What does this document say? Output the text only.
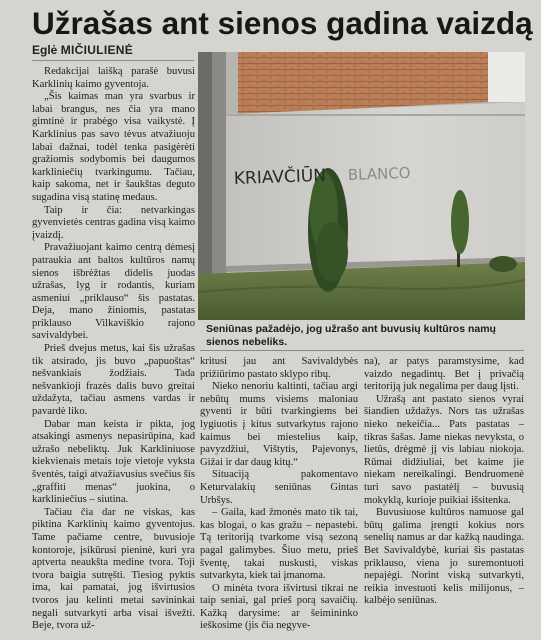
Užrašas ant sienos gadina vaizdą
Eglė MIČIULIENĖ

Redakcijai laišką parašė buvusi Karklinių kaimo gyventoja.

„Šis kaimas man yra svarbus ir labai brangus, nes čia yra mano gimtinė ir prabėgo visa vaikystė. Į Karklinius pas savo tėvus atvažiuoju labai dažnai, todėl tenka pasigėrėti gražiomis sodybomis bei daugumos karkliniečių tvarkingumu. Tačiau, kaip sakoma, net ir šaukštas deguto sugadina visą statinę medaus.

Taip ir čia: netvarkingas gyvenvietės centras gadina visą kaimo įvaizdį.

Pravažiuojant kaimo centrą dėmesį patraukia ant baltos kultūros namų sienos išbrėžtas didelis juodas užrašas, lyg ir rodantis, kuriam asmeniui „priklauso“ šis pastatas. Deja, mano žiniomis, pastatas priklauso Vilkaviškio rajono savivaldybei.

Prieš dvejus metus, kai šis užrašas tik atsirado, jis buvo „papuoštas“ nešvankiais žodžiais. Tada nešvankioji frazės dalis buvo greitai uždažyta, tačiau asmens vardas ir pavardė liko.

Dabar man keista ir pikta, jog atsakingi asmenys nepasirūpina, kad užrašo nebeliktų. Juk Karkliniuose kiekvienais metais toje vietoje vyksta šventės, taigi atvažiavusius svečius šis „graffiti menas“ juokina, o karkliniečius – siutina.

Tačiau čia dar ne viskas, kas piktina Karklinių kaimo gyventojus. Tame pačiame centre, buvusioje kontoroje, įsikūrusi pieninė, kuri yra aptverta neaukšta medine tvora. Toji tvora baigia sutręšti. Tiesiog pyktis ima, kai pamatai, jog išvirtusios tvoros jau kelinti metai savininkai negali sutvarkyti arba visai išvežti. Beje, tvora už-

KRIAVČIŪN BLANCO
Seniūnas pažadėjo, jog užrašo ant buvusių kultūros namų sienos nebeliks.

kritusi jau ant Savivaldybės prižiūrimo pastato sklypo ribų.

Nieko nenoriu kaltinti, tačiau argi nebūtų mums visiems maloniau gyventi ir būti tvarkingiems bei lygiuotis į kitus sutvarkytus rajono kaimus bei miestelius kaip, pavyzdžiui, Vištytis, Pajevonys, Gižai ir dar daug kitų.“

Situaciją pakomentavo Keturvalakių seniūnas Gintas Urbšys.

– Gaila, kad žmonės mato tik tai, kas blogai, o kas gražu – nepastebi. Tą teritoriją tvarkome visą sezoną pagal galimybes. Šiuo metu, prieš šventę, takai nuskusti, viskas sutvarkyta, kiek tai įmanoma.

O minėta tvora išvirtusi tikrai ne taip seniai, gal prieš porą savaičių. Kažką darysime: ar šeimininko ieškosime (jis čia negyve-

na), ar patys paramstysime, kad vaizdo negadintų. Bet į privačią teritoriją juk negalima per daug lįsti.

Užrašą ant pastato sienos vyrai šiandien uždažys. Nors tas užrašas nieko nekeičia... Pats pastatas – tikras šašas. Jame niekas nevyksta, o lietūs, drėgmė jį vis labiau niokoja. Rūmai didžiuliai, bet kaime jie niekam nereikalingi. Bendruomenė turi savo pastatėlį – buvusią mokyklą, kurioje puikiai išsitenka.

Buvusiuose kultūros namuose gal būtų galima įrengti kokius nors senelių namus ar dar kažką naudinga. Bet Savivaldybė, kuriai šis pastatas priklauso, viena jo suremontuoti nepajėgi. Norint viską sutvarkyti, reikia investuoti kelis milijonus, – kalbėjo seniūnas.
